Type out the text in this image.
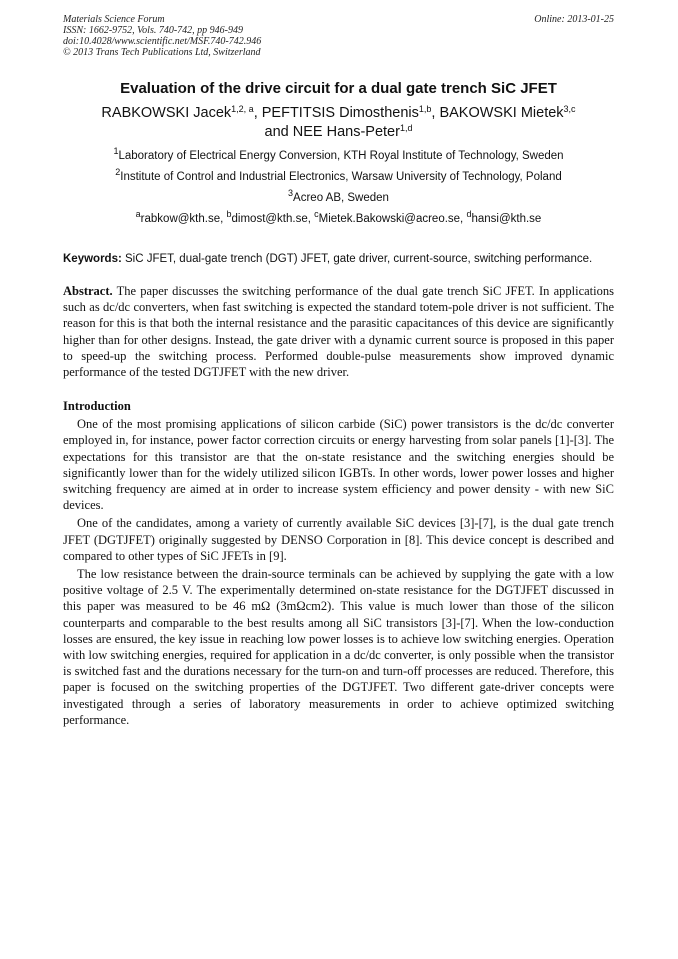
Materials Science Forum
ISSN: 1662-9752, Vols. 740-742, pp 946-949
doi:10.4028/www.scientific.net/MSF.740-742.946
© 2013 Trans Tech Publications Ltd, Switzerland
Online: 2013-01-25
Evaluation of the drive circuit for a dual gate trench SiC JFET
RABKOWSKI Jacek$^{1,2, a}$, PEFTITSIS Dimosthenis$^{1,b}$, BAKOWSKI Mietek$^{3,c}$
and NEE Hans-Peter$^{1,d}$

$^1$Laboratory of Electrical Energy Conversion, KTH Royal Institute of Technology, Sweden

$^2$Institute of Control and Industrial Electronics, Warsaw University of Technology, Poland

$^3$Acreo AB, Sweden

$^a$rabkow@kth.se, $^b$dimost@kth.se, $^c$Mietek.Bakowski@acreo.se, $^d$hansi@kth.se

Keywords: SiC JFET, dual-gate trench (DGT) JFET, gate driver, current-source, switching performance.
Abstract. The paper discusses the switching performance of the dual gate trench SiC JFET. In applications such as dc/dc converters, when fast switching is expected the standard totem-pole driver is not sufficient. The reason for this is that both the internal resistance and the parasitic capacitances of this device are significantly higher than for other designs. Instead, the gate driver with a dynamic current source is proposed in this paper to speed-up the switching process. Performed double-pulse measurements show improved dynamic performance of the tested DGTJFET with the new driver.
Introduction

One of the most promising applications of silicon carbide (SiC) power transistors is the dc/dc converter employed in, for instance, power factor correction circuits or energy harvesting from solar panels [1]-[3]. The expectations for this transistor are that the on-state resistance and the switching energies should be significantly lower than for the widely utilized silicon IGBTs. In other words, lower power losses and higher switching frequency are aimed at in order to increase system efficiency and power density - with new SiC devices.

One of the candidates, among a variety of currently available SiC devices [3]-[7], is the dual gate trench JFET (DGTJFET) originally suggested by DENSO Corporation in [8]. This device concept is described and compared to other types of SiC JFETs in [9].

The low resistance between the drain-source terminals can be achieved by supplying the gate with a low positive voltage of 2.5 V. The experimentally determined on-state resistance for the DGTJFET discussed in this paper was measured to be 46 mΩ (3mΩcm2). This value is much lower than those of the silicon counterparts and comparable to the best results among all SiC transistors [3]-[7]. When the low-conduction losses are ensured, the key issue in reaching low power losses is to achieve low switching energies. Operation with low switching energies, required for application in a dc/dc converter, is only possible when the transistor is switched fast and the durations necessary for the turn-on and turn-off processes are reduced. Therefore, this paper is focused on the switching properties of the DGTJFET. Two different gate-driver concepts were investigated through a series of laboratory measurements in order to achieve optimized switching performance.
